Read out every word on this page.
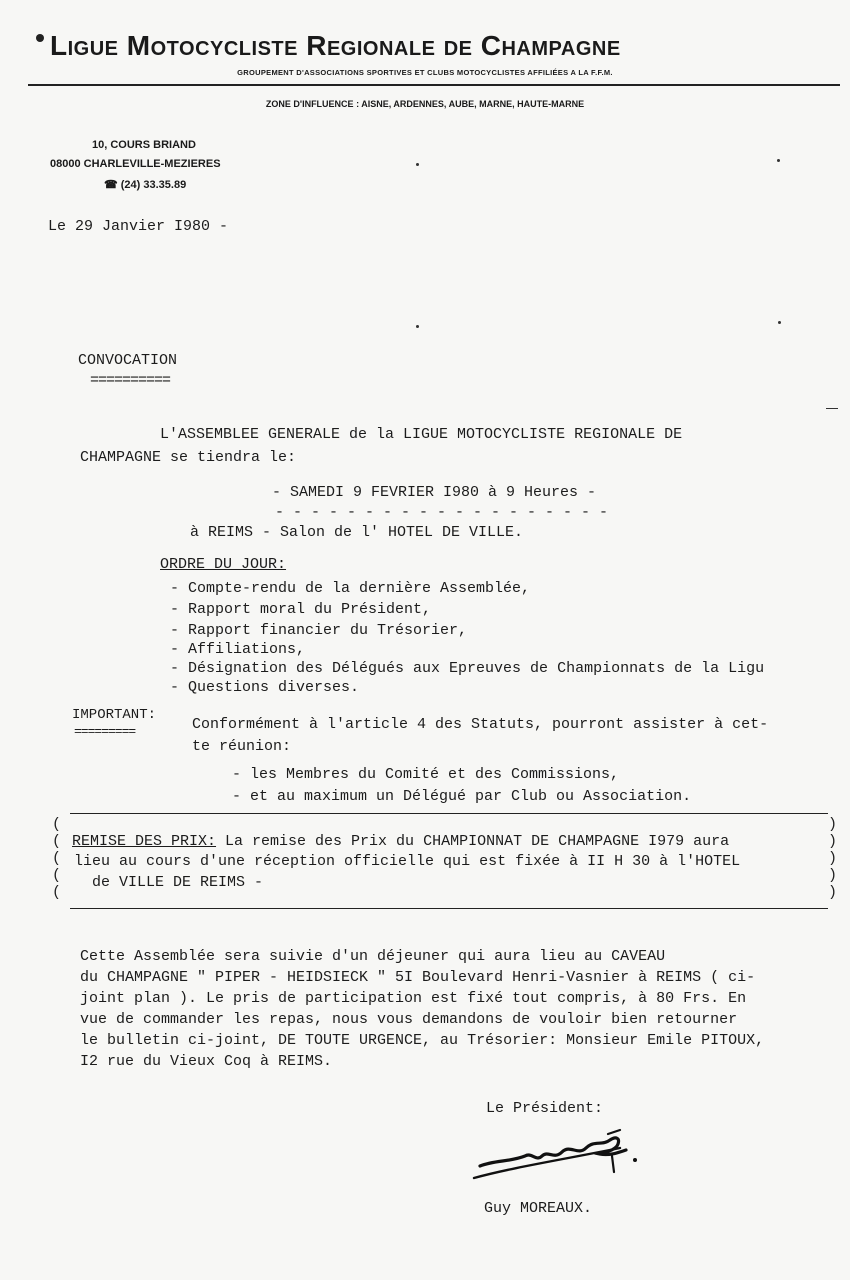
Ligue Motocycliste Regionale de Champagne
GROUPEMENT D'ASSOCIATIONS SPORTIVES ET CLUBS MOTOCYCLISTES AFFILIÉES A LA F.F.M.
ZONE D'INFLUENCE : AISNE, ARDENNES, AUBE, MARNE, HAUTE-MARNE
10, COURS BRIAND
08000 CHARLEVILLE-MEZIERES
☎ (24) 33.35.89
Le 29 Janvier I980 -
CONVOCATION
==========
L'ASSEMBLEE GENERALE de la LIGUE MOTOCYCLISTE REGIONALE DE
CHAMPAGNE se tiendra le:
- SAMEDI 9 FEVRIER I980 à 9 Heures -
- - - - - - - - - - - - - - - - - - -
à REIMS - Salon de l' HOTEL DE VILLE.
ORDRE DU JOUR:
- Compte-rendu de la dernière Assemblée,
- Rapport moral du Président,
- Rapport financier du Trésorier,
- Affiliations,
- Désignation des Délégués aux Epreuves de Championnats de la Ligu
- Questions diverses.
IMPORTANT:
=========	Conformément à l'article 4 des Statuts, pourront assister à cet-
te réunion:
- les Membres du Comité et des Commissions,
- et au maximum un Délégué par Club ou Association.
(
(
(
(
(
)
)
)
)
)
REMISE DES PRIX: La remise des Prix du CHAMPIONNAT DE CHAMPAGNE I979 aura
lieu au cours d'une réception officielle qui est fixée à II H 30 à l'HOTEL
de VILLE DE REIMS -
Cette Assemblée sera suivie d'un déjeuner qui aura lieu au CAVEAU
du CHAMPAGNE " PIPER - HEIDSIECK " 5I Boulevard Henri-Vasnier à REIMS ( ci-
joint plan ). Le pris de participation est fixé tout compris, à 80 Frs. En
vue de commander les repas, nous vous demandons de vouloir bien retourner
le bulletin ci-joint, DE TOUTE URGENCE, au Trésorier: Monsieur Emile PITOUX,
I2 rue du Vieux Coq à REIMS.
Le Président:
Guy MOREAUX.
